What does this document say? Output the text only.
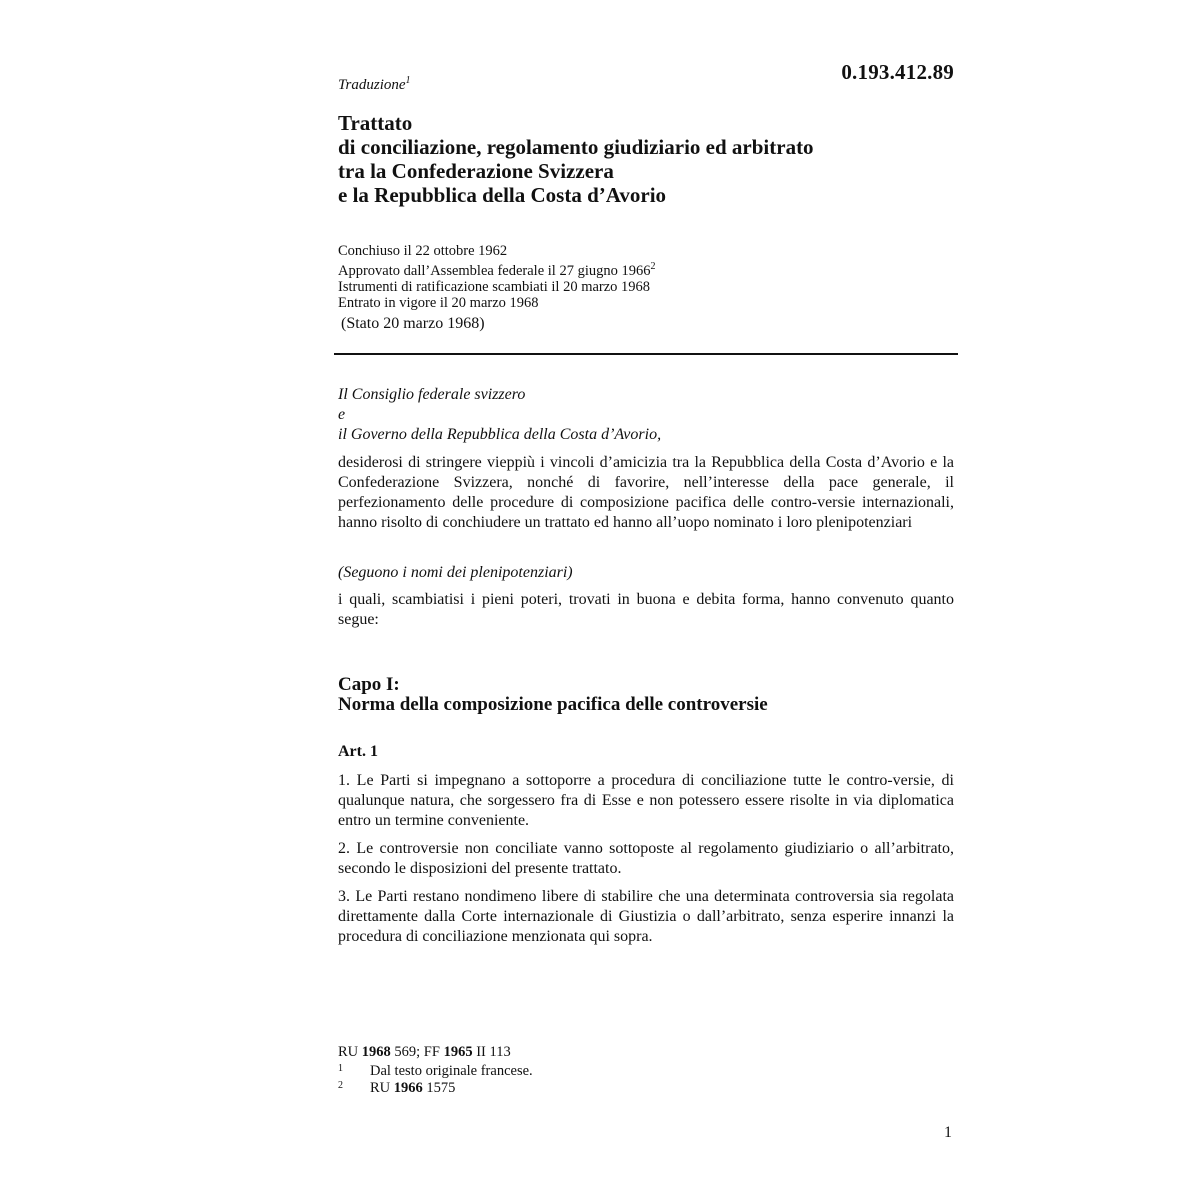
0.193.412.89
Traduzione$^1$
Trattato
di conciliazione, regolamento giudiziario ed arbitrato
tra la Confederazione Svizzera
e la Repubblica della Costa d’Avorio
Conchiuso il 22 ottobre 1962
Approvato dall’Assemblea federale il 27 giugno 1966$^2$
Istrumenti di ratificazione scambiati il 20 marzo 1968
Entrato in vigore il 20 marzo 1968
(Stato 20 marzo 1968)
Il Consiglio federale svizzero
e
il Governo della Repubblica della Costa d’Avorio,
desiderosi di stringere vieppiù i vincoli d’amicizia tra la Repubblica della Costa d’Avorio e la Confederazione Svizzera, nonché di favorire, nell’interesse della pace generale, il perfezionamento delle procedure di composizione pacifica delle contro-versie internazionali, hanno risolto di conchiudere un trattato ed hanno all’uopo nominato i loro plenipotenziari
(Seguono i nomi dei plenipotenziari)
i quali, scambiatisi i pieni poteri, trovati in buona e debita forma, hanno convenuto quanto segue:
Capo I:
Norma della composizione pacifica delle controversie
Art. 1
1. Le Parti si impegnano a sottoporre a procedura di conciliazione tutte le contro-versie, di qualunque natura, che sorgessero fra di Esse e non potessero essere risolte in via diplomatica entro un termine conveniente.
2. Le controversie non conciliate vanno sottoposte al regolamento giudiziario o all’arbitrato, secondo le disposizioni del presente trattato.
3. Le Parti restano nondimeno libere di stabilire che una determinata controversia sia regolata direttamente dalla Corte internazionale di Giustizia o dall’arbitrato, senza esperire innanzi la procedura di conciliazione menzionata qui sopra.
RU 1968 569; FF 1965 II 113
1 Dal testo originale francese.
2 RU 1966 1575
1
